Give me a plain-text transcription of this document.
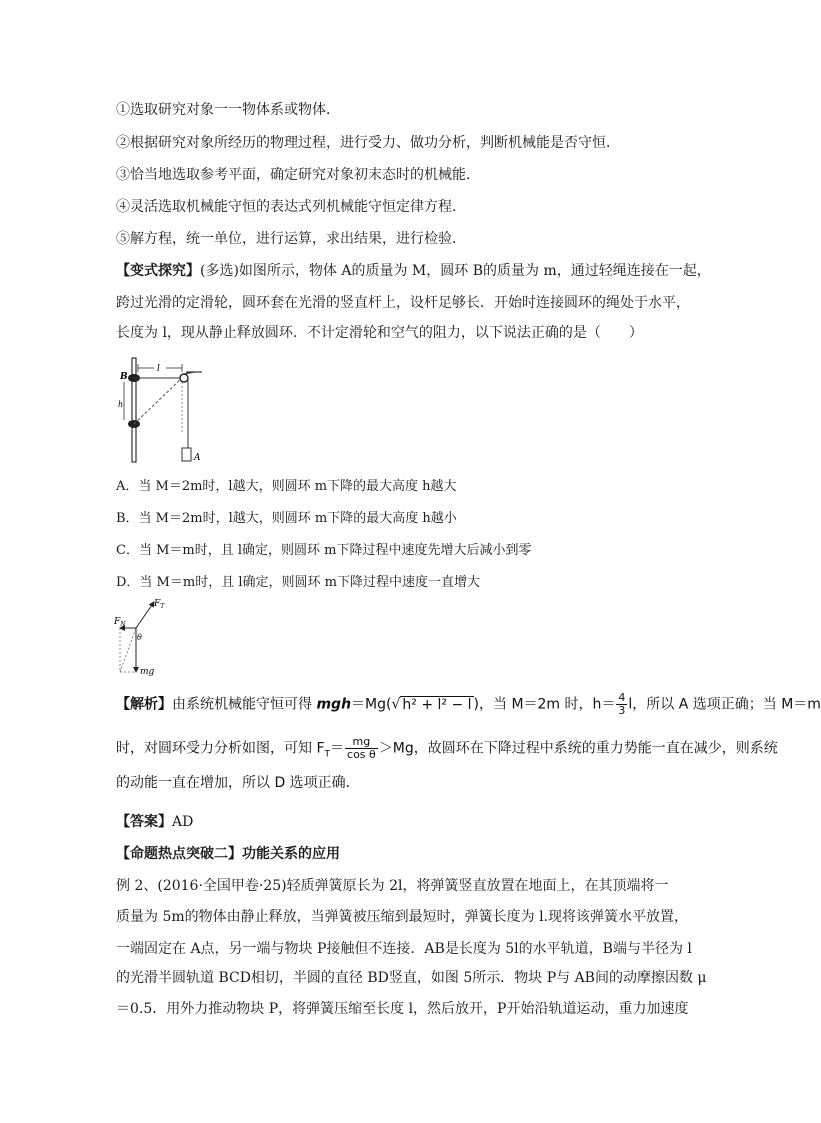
①选取研究对象一一物体系或物体．
②根据研究对象所经历的物理过程，进行受力、做功分析，判断机械能是否守恒．
③恰当地选取参考平面，确定研究对象初末态时的机械能．
④灵活选取机械能守恒的表达式列机械能守恒定律方程．
⑤解方程，统一单位，进行运算，求出结果，进行检验．
【变式探究】(多选)如图所示，物体 A的质量为 M，圆环 B的质量为 m，通过轻绳连接在一起，
跨过光滑的定滑轮，圆环套在光滑的竖直杆上，设杆足够长．开始时连接圆环的绳处于水平，
长度为 l，现从静止释放圆环．不计定滑轮和空气的阻力，以下说法正确的是（　　）
B
l
h
A
A．当 M＝2m时，l越大，则圆环 m下降的最大高度 h越大
B．当 M＝2m时，l越大，则圆环 m下降的最大高度 h越小
C．当 M＝m时，且 l确定，则圆环 m下降过程中速度先增大后减小到零
D．当 M＝m时，且 l确定，则圆环 m下降过程中速度一直增大
$F_T$
$F_N$
θ
mg
【解析】由系统机械能守恒可得 mgh＝Mg(√ h² + l² − l )，当 M＝2m 时，$h= \frac{4}{3}$ l，所以 A 选项正确；当 M＝m
时，对圆环受力分析如图，可知 $F_T= \frac{mg}{\text{cos θ}} >Mg$，故圆环在下降过程中系统的重力势能一直在减少，则系统
的动能一直在增加，所以 D 选项正确．
【答案】AD
【命题热点突破二】功能关系的应用
例 2、(2016·全国甲卷·25)轻质弹簧原长为 2l，将弹簧竖直放置在地面上，在其顶端将一
质量为 5m的物体由静止释放，当弹簧被压缩到最短时，弹簧长度为 l.现将该弹簧水平放置，
一端固定在 A点，另一端与物块 P接触但不连接．AB是长度为 5l的水平轨道，B端与半径为 l
的光滑半圆轨道 BCD相切，半圆的直径 BD竖直，如图 5所示．物块 P与 AB间的动摩擦因数 μ
＝0.5．用外力推动物块 P，将弹簧压缩至长度 l，然后放开，P开始沿轨道运动，重力加速度
